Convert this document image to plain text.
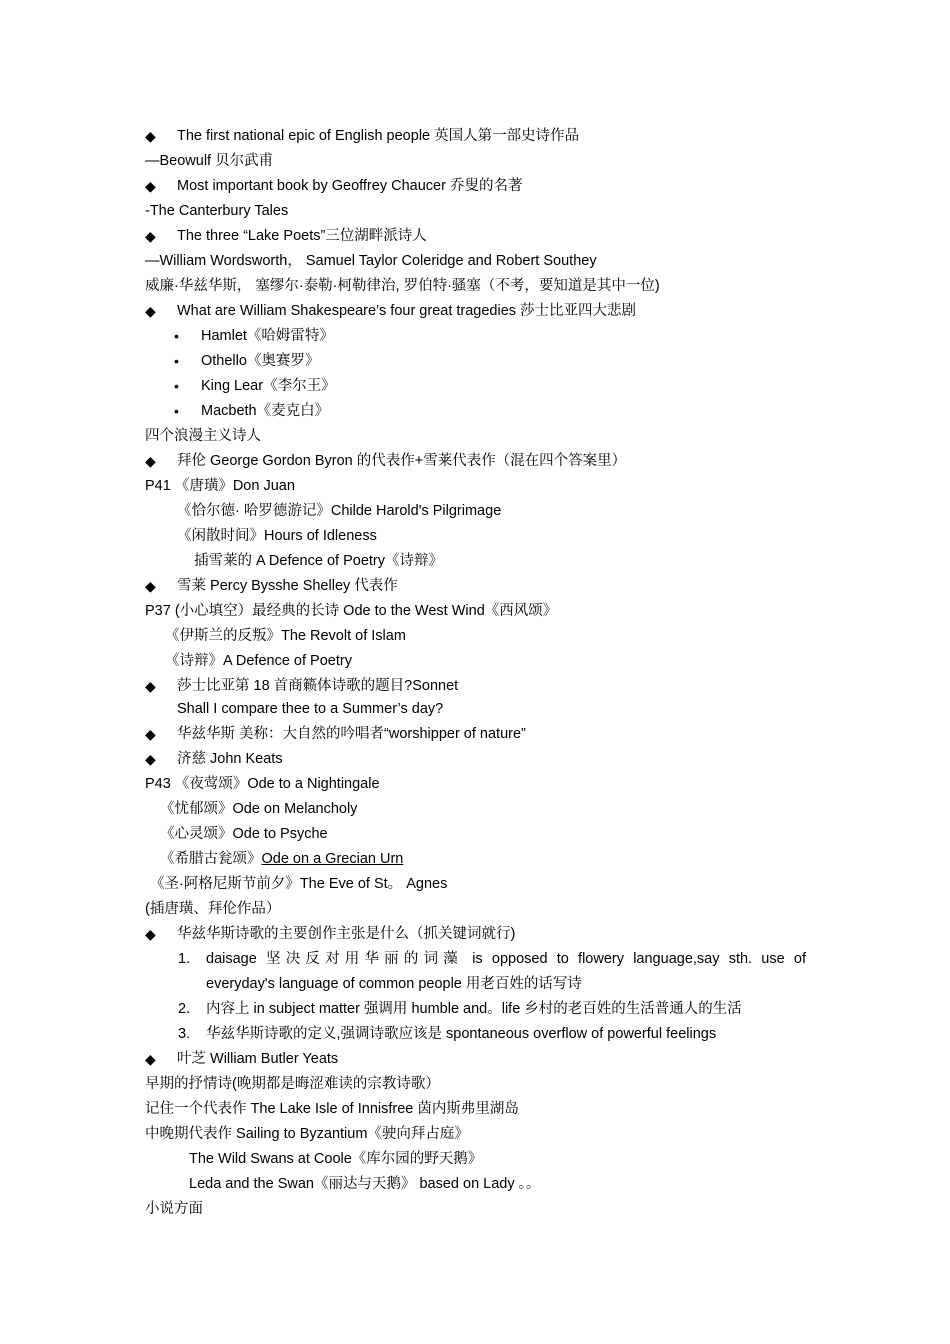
◆ The first national epic of English people 英国人第一部史诗作品
—Beowulf 贝尔武甫
◆ Most important book by Geoffrey Chaucer 乔叟的名著
-The Canterbury Tales
◆ The three “Lake Poets”三位湖畔派诗人
—William Wordsworth， Samuel Taylor Coleridge and Robert Southey
威廉·华兹华斯， 塞缪尔·泰勒·柯勒律治, 罗伯特·骚塞（不考，要知道是其中一位)
◆ What are William Shakespeare’s four great tragedies 莎士比亚四大悲剧
• Hamlet《哈姆雷特》
• Othello《奥赛罗》
• King Lear《李尔王》
• Macbeth《麦克白》
四个浪漫主义诗人
◆ 拜伦 George Gordon Byron 的代表作+雪莱代表作（混在四个答案里）
P41 《唐璜》Don Juan
《恰尔德· 哈罗德游记》Childe Harold's Pilgrimage
《闲散时间》Hours of Idleness
插雪莱的 A Defence of Poetry《诗辩》
◆ 雪莱 Percy Bysshe Shelley 代表作
P37 (小心填空）最经典的长诗 Ode to the West Wind《西风颂》
《伊斯兰的反叛》The Revolt of Islam
《诗辩》A Defence of Poetry
◆ 莎士比亚第 18 首商籁体诗歌的题目?Sonnet
Shall I compare thee to a Summer’s day?
◆ 华兹华斯 美称：大自然的吟唱者“worshipper of nature”
◆ 济慈 John Keats
P43 《夜莺颂》Ode to a Nightingale
《忧郁颂》Ode on Melancholy
《心灵颂》Ode to Psyche
《希腊古瓮颂》Ode on a Grecian Urn
《圣·阿格尼斯节前夕》The Eve of St。 Agnes
(插唐璜、拜伦作品）
◆ 华兹华斯诗歌的主要创作主张是什么（抓关键词就行)
1. daisage 坚决反对用华丽的词藻 is opposed to flowery language,say sth. use of
everyday's language of common people 用老百姓的话写诗
2. 内容上 in subject matter 强调用 humble and。life 乡村的老百姓的生活普通人的生活
3. 华兹华斯诗歌的定义,强调诗歌应该是 spontaneous overflow of powerful feelings
◆ 叶芝 William Butler Yeats
早期的抒情诗(晚期都是晦涩难读的宗教诗歌）
记住一个代表作 The Lake Isle of Innisfree 茵内斯弗里湖岛
中晚期代表作 Sailing to Byzantium《驶向拜占庭》
The Wild Swans at Coole《库尔园的野天鹅》
Leda and the Swan《丽达与天鹅》 based on Lady 。。
小说方面
